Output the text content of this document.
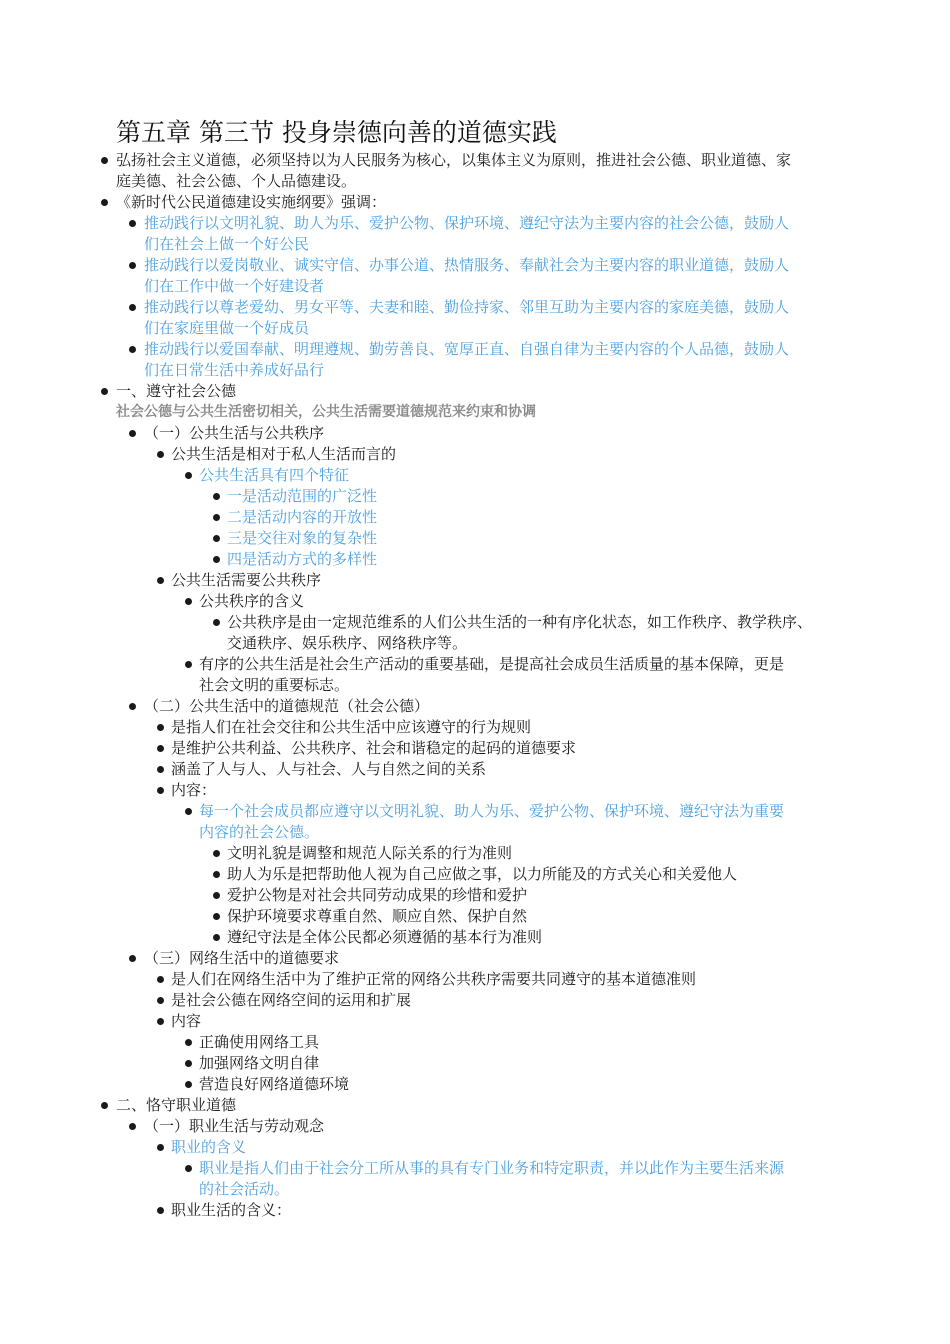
第五章 第三节 投身崇德向善的道德实践
弘扬社会主义道德，必须坚持以为人民服务为核心，以集体主义为原则，推进社会公德、职业道德、家
庭美德、社会公德、个人品德建设。
《新时代公民道德建设实施纲要》强调：
推动践行以文明礼貌、助人为乐、爱护公物、保护环境、遵纪守法为主要内容的社会公德，鼓励人
们在社会上做一个好公民
推动践行以爱岗敬业、诚实守信、办事公道、热情服务、奉献社会为主要内容的职业道德，鼓励人
们在工作中做一个好建设者
推动践行以尊老爱幼、男女平等、夫妻和睦、勤俭持家、邻里互助为主要内容的家庭美德，鼓励人
们在家庭里做一个好成员
推动践行以爱国奉献、明理遵规、勤劳善良、宽厚正直、自强自律为主要内容的个人品德，鼓励人
们在日常生活中养成好品行
一、遵守社会公德
社会公德与公共生活密切相关，公共生活需要道德规范来约束和协调
（一）公共生活与公共秩序
公共生活是相对于私人生活而言的
公共生活具有四个特征
一是活动范围的广泛性
二是活动内容的开放性
三是交往对象的复杂性
四是活动方式的多样性
公共生活需要公共秩序
公共秩序的含义
公共秩序是由一定规范维系的人们公共生活的一种有序化状态，如工作秩序、教学秩序、
交通秩序、娱乐秩序、网络秩序等。
有序的公共生活是社会生产活动的重要基础，是提高社会成员生活质量的基本保障，更是
社会文明的重要标志。
（二）公共生活中的道德规范（社会公德）
是指人们在社会交往和公共生活中应该遵守的行为规则
是维护公共利益、公共秩序、社会和谐稳定的起码的道德要求
涵盖了人与人、人与社会、人与自然之间的关系
内容：
每一个社会成员都应遵守以文明礼貌、助人为乐、爱护公物、保护环境、遵纪守法为重要
内容的社会公德。
文明礼貌是调整和规范人际关系的行为准则
助人为乐是把帮助他人视为自己应做之事，以力所能及的方式关心和关爱他人
爱护公物是对社会共同劳动成果的珍惜和爱护
保护环境要求尊重自然、顺应自然、保护自然
遵纪守法是全体公民都必须遵循的基本行为准则
（三）网络生活中的道德要求
是人们在网络生活中为了维护正常的网络公共秩序需要共同遵守的基本道德准则
是社会公德在网络空间的运用和扩展
内容
正确使用网络工具
加强网络文明自律
营造良好网络道德环境
二、恪守职业道德
（一）职业生活与劳动观念
职业的含义
职业是指人们由于社会分工所从事的具有专门业务和特定职责，并以此作为主要生活来源
的社会活动。
职业生活的含义：
